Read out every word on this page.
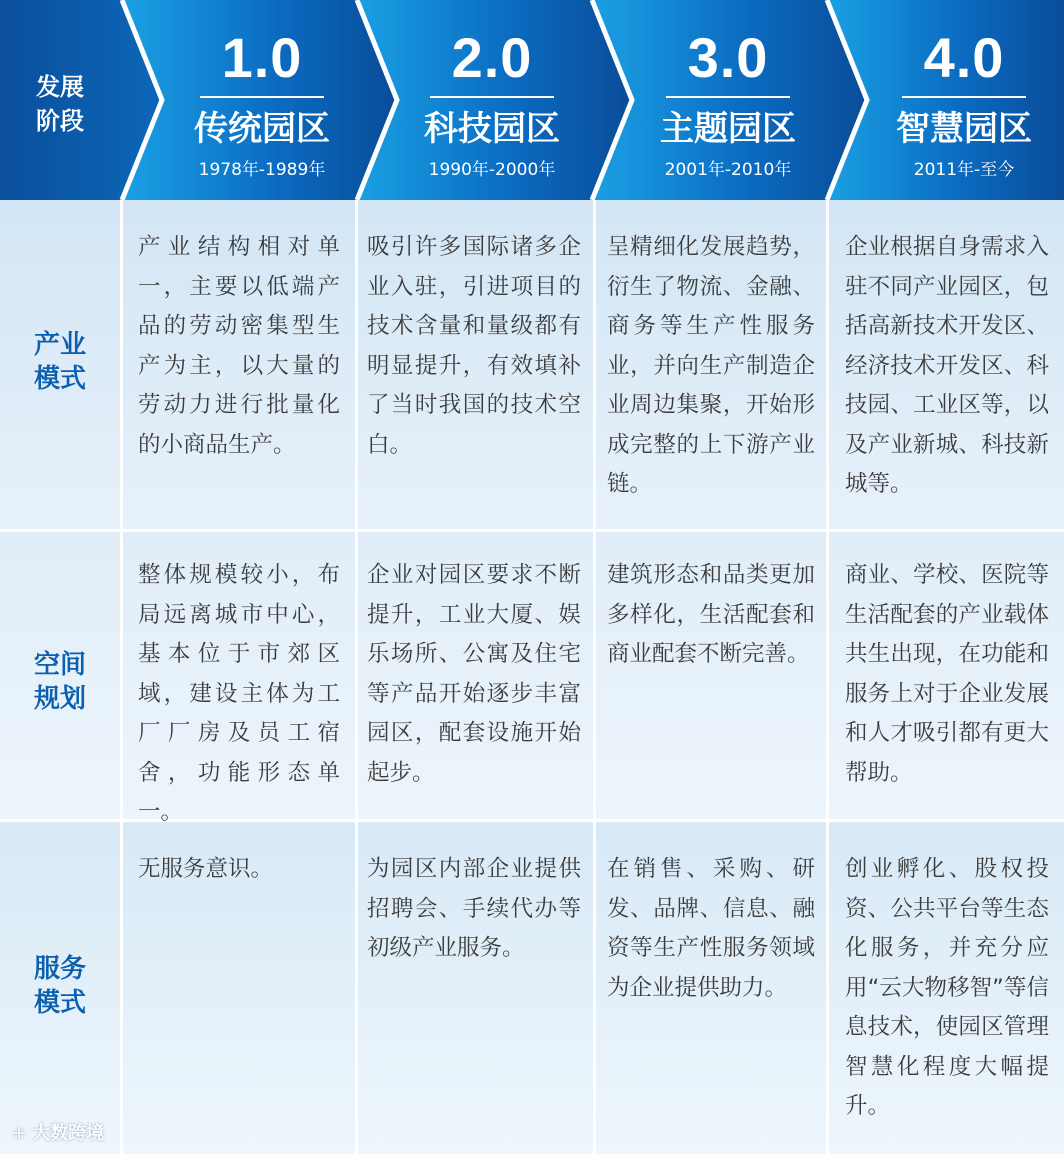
发展
阶段
1.0
传统园区
1978年-1989年
2.0
科技园区
1990年-2000年
3.0
主题园区
2001年-2010年
4.0
智慧园区
2011年-至今
产业
模式
空间
规划
服务
模式
产业结构相对单一，主要以低端产品的劳动密集型生产为主，以大量的劳动力进行批量化的小商品生产。
吸引许多国际诸多企业入驻，引进项目的技术含量和量级都有明显提升，有效填补了当时我国的技术空白。
呈精细化发展趋势，衍生了物流、金融、商务等生产性服务业，并向生产制造企业周边集聚，开始形成完整的上下游产业链。
企业根据自身需求入驻不同产业园区，包括高新技术开发区、经济技术开发区、科技园、工业区等，以及产业新城、科技新城等。
整体规模较小，布局远离城市中心，基本位于市郊区域，建设主体为工厂厂房及员工宿舍，功能形态单一。
企业对园区要求不断提升，工业大厦、娱乐场所、公寓及住宅等产品开始逐步丰富园区，配套设施开始起步。
建筑形态和品类更加多样化，生活配套和商业配套不断完善。
商业、学校、医院等生活配套的产业载体共生出现，在功能和服务上对于企业发展和人才吸引都有更大帮助。
无服务意识。	为园区内部企业提供招聘会、手续代办等初级产业服务。
在销售、采购、研发、品牌、信息、融资等生产性服务领域为企业提供助力。
创业孵化、股权投资、公共平台等生态化服务，并充分应用“云大物移智”等信息技术，使园区管理智慧化程度大幅提升。
ꔰ 大数跨境
